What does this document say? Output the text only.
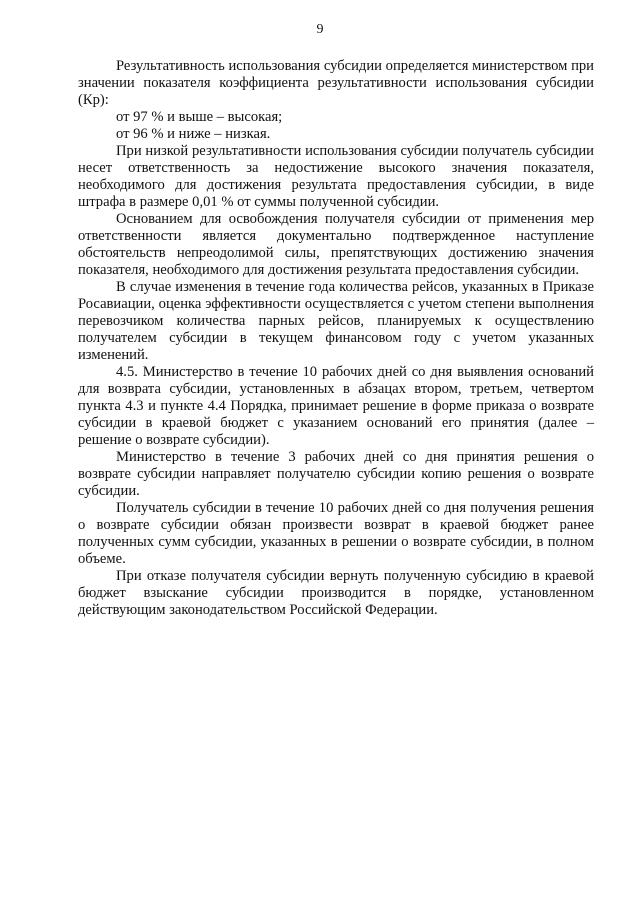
9

Результативность использования субсидии определяется министерством при значении показателя коэффициента результативности использования субсидии (Кр):

от 97 % и выше – высокая;

от 96 % и ниже – низкая.

При низкой результативности использования субсидии получатель субсидии несет ответственность за недостижение высокого значения показателя, необходимого для достижения результата предоставления субсидии, в виде штрафа в размере 0,01 % от суммы полученной субсидии.

Основанием для освобождения получателя субсидии от применения мер ответственности является документально подтвержденное наступление обстоятельств непреодолимой силы, препятствующих достижению значения показателя, необходимого для достижения результата предоставления субсидии.

В случае изменения в течение года количества рейсов, указанных в Приказе Росавиации, оценка эффективности осуществляется с учетом степени выполнения перевозчиком количества парных рейсов, планируемых к осуществлению получателем субсидии в текущем финансовом году с учетом указанных изменений.

4.5. Министерство в течение 10 рабочих дней со дня выявления оснований для возврата субсидии, установленных в абзацах втором, третьем, четвертом пункта 4.3 и пункте 4.4 Порядка, принимает решение в форме приказа о возврате субсидии в краевой бюджет с указанием оснований его принятия (далее – решение о возврате субсидии).

Министерство в течение 3 рабочих дней со дня принятия решения о возврате субсидии направляет получателю субсидии копию решения о возврате субсидии.

Получатель субсидии в течение 10 рабочих дней со дня получения решения о возврате субсидии обязан произвести возврат в краевой бюджет ранее полученных сумм субсидии, указанных в решении о возврате субсидии, в полном объеме.

При отказе получателя субсидии вернуть полученную субсидию в краевой бюджет взыскание субсидии производится в порядке, установленном действующим законодательством Российской Федерации.
